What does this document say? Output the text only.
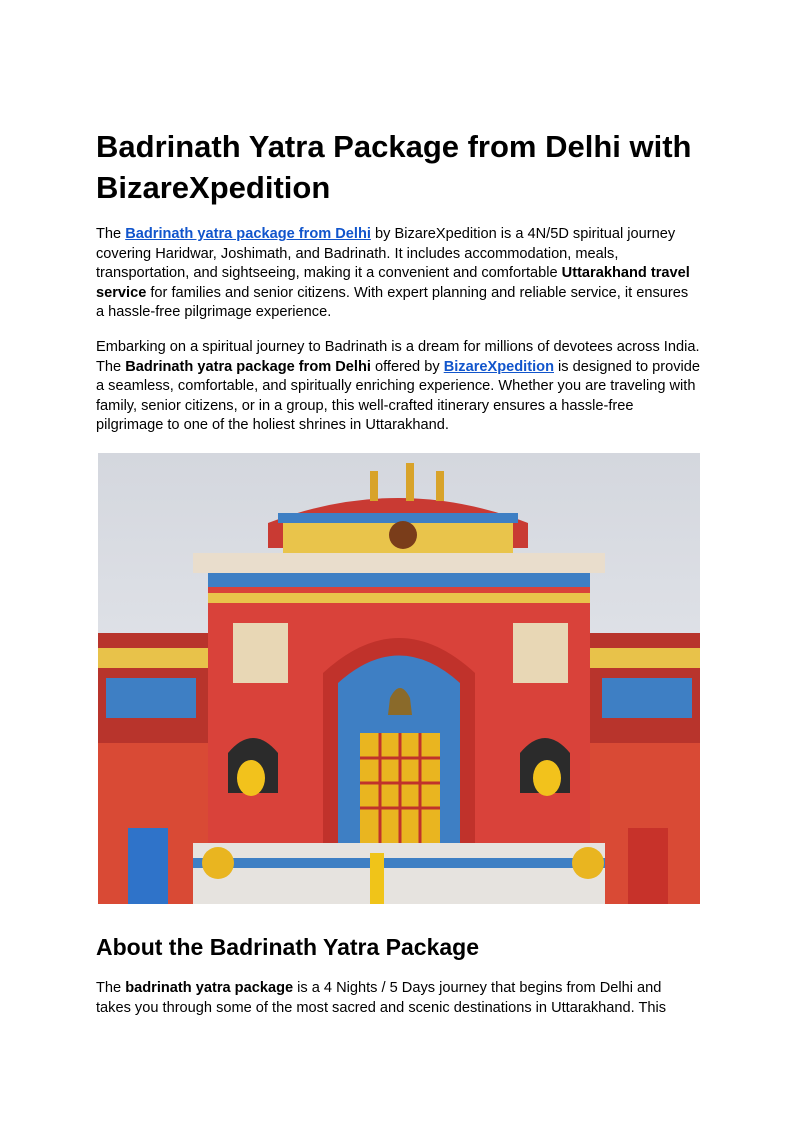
Badrinath Yatra Package from Delhi with BizareXpedition

The Badrinath yatra package from Delhi by BizareXpedition is a 4N/5D spiritual journey covering Haridwar, Joshimath, and Badrinath. It includes accommodation, meals, transportation, and sightseeing, making it a convenient and comfortable Uttarakhand travel service for families and senior citizens. With expert planning and reliable service, it ensures a hassle-free pilgrimage experience.

Embarking on a spiritual journey to Badrinath is a dream for millions of devotees across India. The Badrinath yatra package from Delhi offered by BizareXpedition is designed to provide a seamless, comfortable, and spiritually enriching experience. Whether you are traveling with family, senior citizens, or in a group, this well-crafted itinerary ensures a hassle-free pilgrimage to one of the holiest shrines in Uttarakhand.

About the Badrinath Yatra Package

The badrinath yatra package is a 4 Nights / 5 Days journey that begins from Delhi and takes you through some of the most sacred and scenic destinations in Uttarakhand. This
